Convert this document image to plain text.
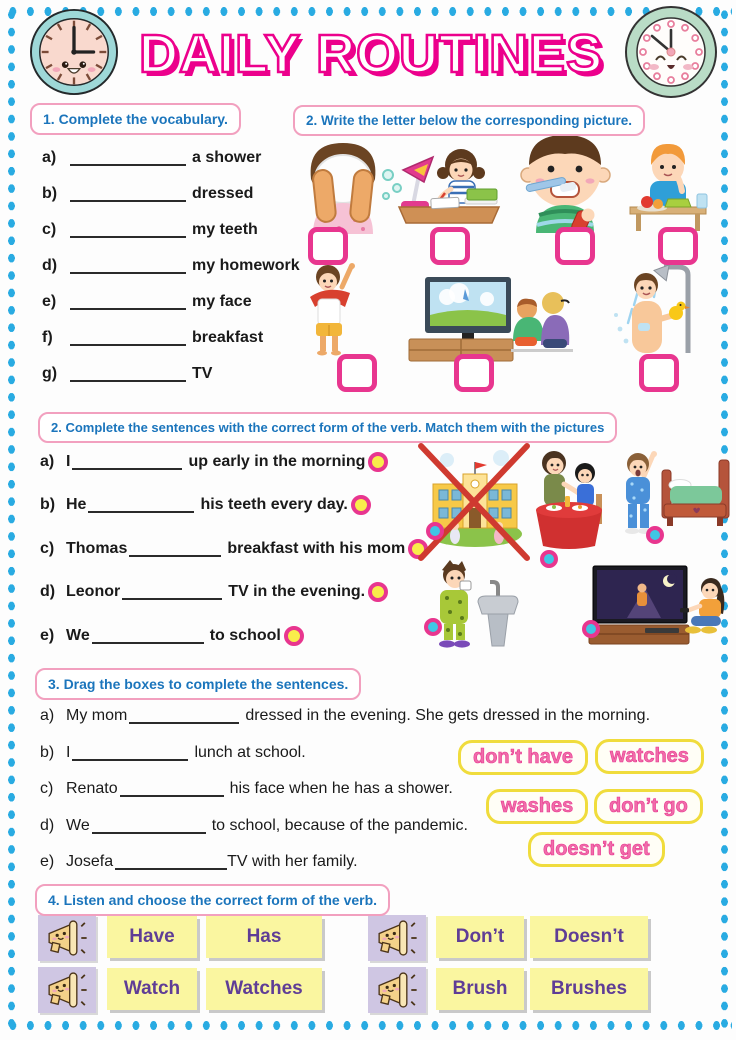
DAILY ROUTINES
1. Complete the vocabulary.
a)	a shower
b)	dressed
c)	my teeth
d)	my homework
e)	my face
f)	breakfast
g)	TV
2. Write the letter below the corresponding picture.
2. Complete the sentences with the correct form of the verb. Match them with the pictures
a) I	up early in the morning
b) He	his teeth every day.
c) Thomas	breakfast with his mom
d) Leonor	TV in the evening.
e) We	to school
3. Drag the boxes to complete the sentences.
a) My mom	dressed in the evening. She gets dressed in the morning.
b) I	lunch at school.
c) Renato	his face when he has a shower.
d) We	to school, because of the pandemic.
e) Josefa	TV with her family.
don’t have	watches
washes	don’t go
doesn’t get
4. Listen and choose the correct form of the verb.
Have	Has	Don’t	Doesn’t
Watch	Watches	Brush	Brushes
